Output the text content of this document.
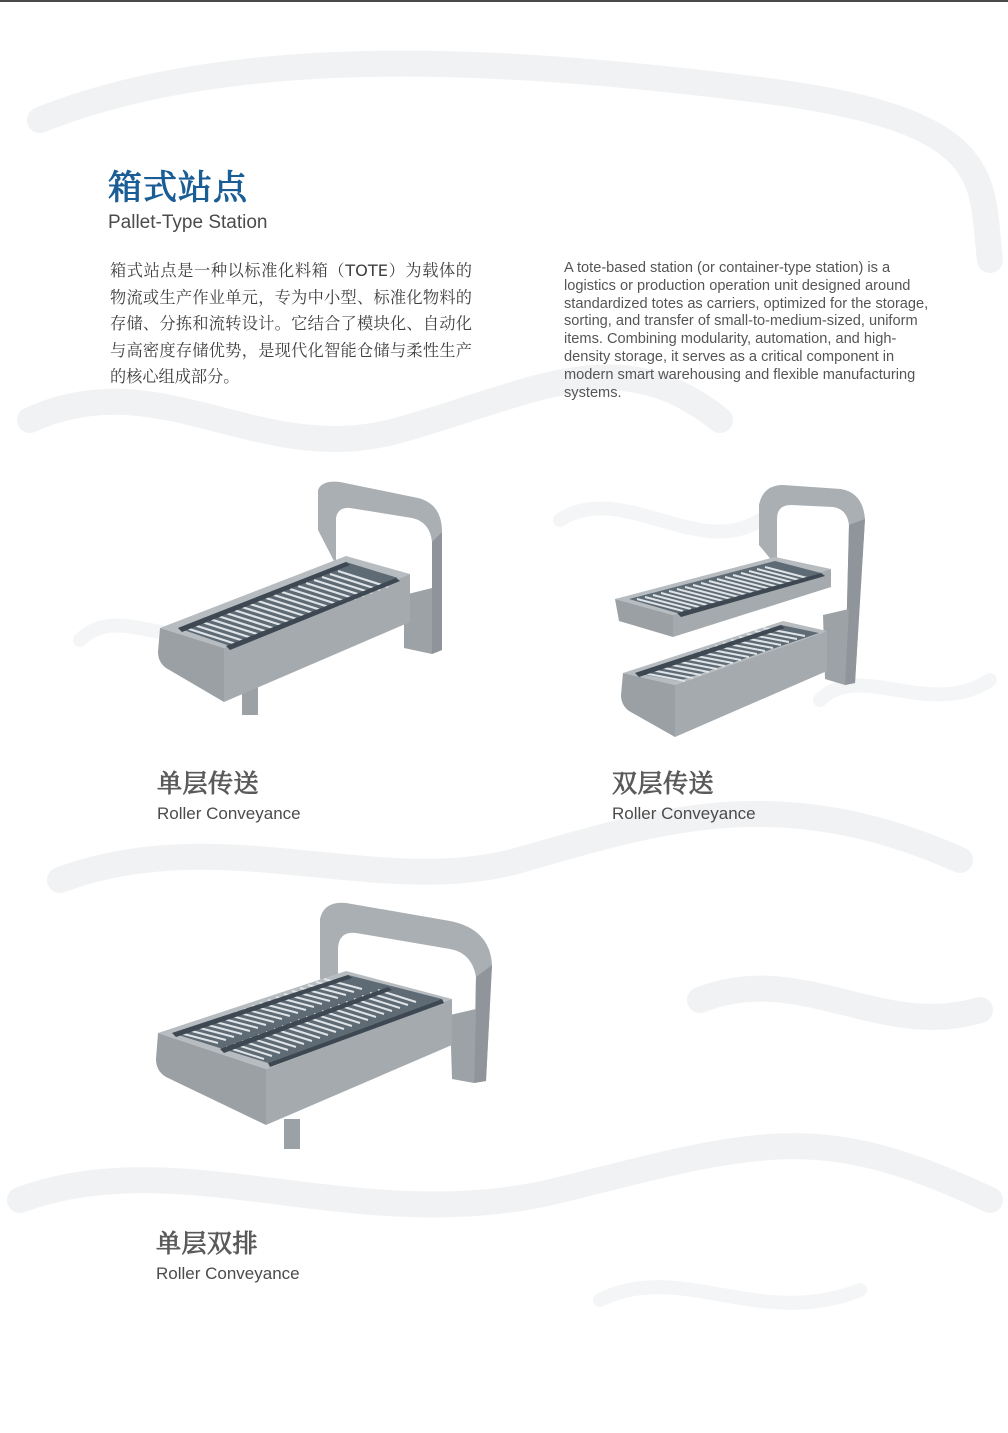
箱式站点
Pallet-Type Station
箱式站点是一种以标准化料箱（TOTE）为载体的物流或生产作业单元，专为中小型、标准化物料的存储、分拣和流转设计。它结合了模块化、自动化与高密度存储优势，是现代化智能仓储与柔性生产的核心组成部分。
A tote-based station (or container-type station) is a logistics or production operation unit designed around standardized totes as carriers, optimized for the storage, sorting, and transfer of small-to-medium-sized, uniform items. Combining modularity, automation, and high-density storage, it serves as a critical component in modern smart warehousing and flexible manufacturing systems.
单层传送
Roller Conveyance
双层传送
Roller Conveyance
单层双排
Roller Conveyance
